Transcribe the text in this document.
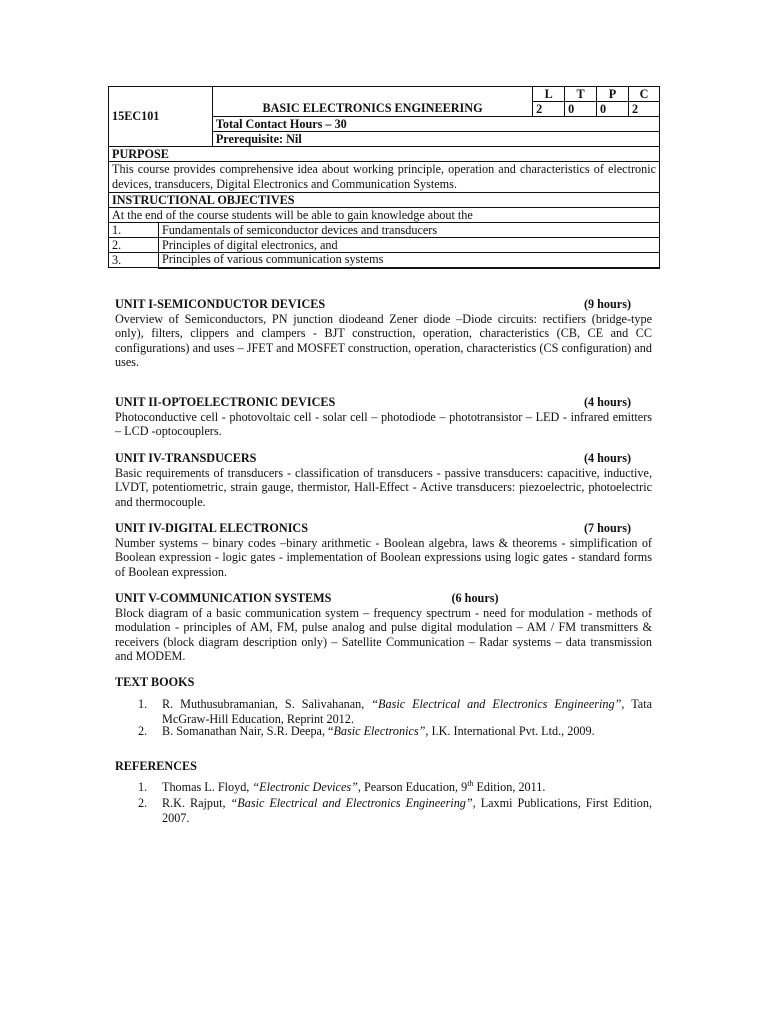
15EC101			L	T	P	C
		BASIC ELECTRONICS ENGINEERING	2	0	0	2
		Total Contact Hours – 30				
		Prerequisite: Nil				
PURPOSE						
This course provides comprehensive idea about working principle, operation and characteristics of electronic devices, transducers, Digital Electronics and Communication Systems.						
INSTRUCTIONAL OBJECTIVES						
At the end of the course students will be able to gain knowledge about the						
1.	Fundamentals of semiconductor devices and transducers					
2.	Principles of digital electronics, and					
3.	Principles of various communication systems					
UNIT I-SEMICONDUCTOR DEVICES	(9 hours)
Overview of Semiconductors, PN junction diodeand Zener diode –Diode circuits: rectifiers (bridge-type only), filters, clippers and clampers - BJT construction, operation, characteristics (CB, CE and CC configurations) and uses – JFET and MOSFET construction, operation, characteristics (CS configuration) and uses.
UNIT II-OPTOELECTRONIC DEVICES	(4 hours)
Photoconductive cell - photovoltaic cell - solar cell – photodiode – phototransistor – LED - infrared emitters – LCD -optocouplers.
UNIT IV-TRANSDUCERS	(4 hours)
Basic requirements of transducers - classification of transducers - passive transducers: capacitive, inductive, LVDT, potentiometric, strain gauge, thermistor, Hall-Effect - Active transducers: piezoelectric, photoelectric and thermocouple.
UNIT IV-DIGITAL ELECTRONICS	(7 hours)
Number systems – binary codes –binary arithmetic - Boolean algebra, laws & theorems - simplification of Boolean expression - logic gates - implementation of Boolean expressions using logic gates - standard forms of Boolean expression.
UNIT V-COMMUNICATION SYSTEMS	(6 hours)
Block diagram of a basic communication system – frequency spectrum - need for modulation - methods of modulation - principles of AM, FM, pulse analog and pulse digital modulation – AM / FM transmitters & receivers (block diagram description only) – Satellite Communication – Radar systems – data transmission and MODEM.
TEXT BOOKS
1.	R. Muthusubramanian, S. Salivahanan, “Basic Electrical and Electronics Engineering”, Tata McGraw-Hill Education, Reprint 2012.
2.	B. Somanathan Nair, S.R. Deepa, “Basic Electronics”, I.K. International Pvt. Ltd., 2009.
REFERENCES
1.	Thomas L. Floyd, “Electronic Devices”, Pearson Education, 9th Edition, 2011.
2.	R.K. Rajput, “Basic Electrical and Electronics Engineering”, Laxmi Publications, First Edition, 2007.
